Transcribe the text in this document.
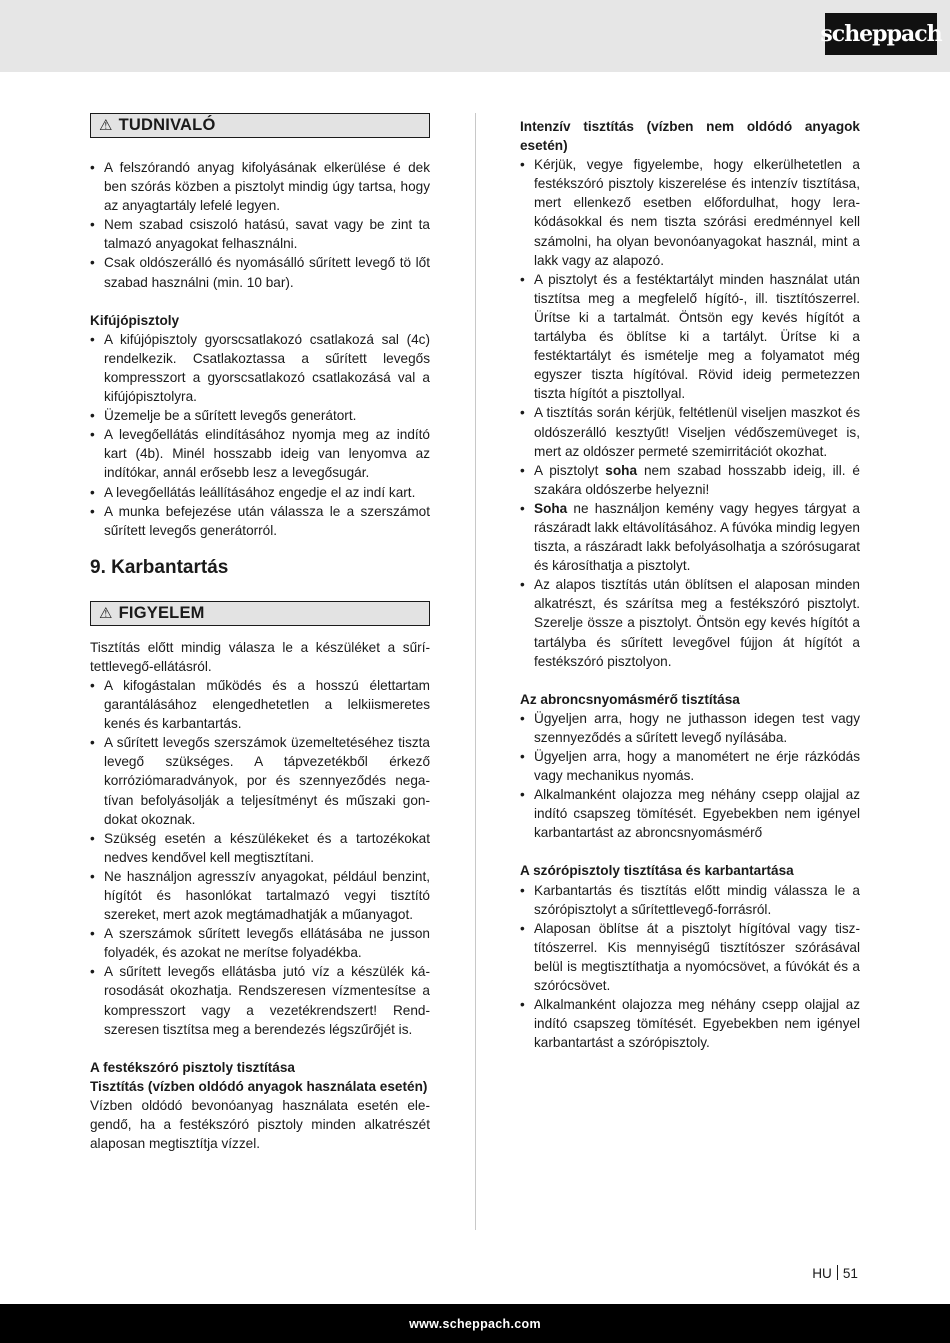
scheppach
⚠ TUDNIVALÓ
• A felszórandó anyag kifolyásának elkerülése é dek ben szórás közben a pisztolyt mindig úgy tartsa, hogy az anyagtartály lefelé legyen.
• Nem szabad csiszoló hatású, savat vagy be zint ta talmazó anyagokat felhasználni.
• Csak oldószerálló és nyomásálló sűrített levegő tö lőt szabad használni (min. 10 bar).

Kifújópisztoly

• A kifújópisztoly gyorscsatlakozó csatlakozá sal (4c) rendelkezik. Csatlakoztassa a sűrített levegős kompresszort a gyorscsatlakozó csatlakozásá val a kifújópisztolyra.
• Üzemelje be a sűrített levegős generátort.
• A levegőellátás elindításához nyomja meg az indító kart (4b). Minél hosszabb ideig van lenyomva az indítókar, annál erősebb lesz a levegősugár.
• A levegőellátás leállításához engedje el az indí kart.
• A munka befejezése után válassza le a szerszámot sűrített levegős generátorról.

9. Karbantartás

⚠ FIGYELEM

Tisztítás előtt mindig válasza le a készüléket a sűrítettlevegő-ellátásról.

• A kifogástalan működés és a hosszú élettartam garantálásához elengedhetetlen a lelkiismeretes kenés és karbantartás.
• A sűrített levegős szerszámok üzemeltetéséhez tiszta levegő szükséges. A tápvezetékből érkező korróziómaradványok, por és szennyeződés negatívan befolyásolják a teljesítményt és műszaki gondokat okoznak.
• Szükség esetén a készülékeket és a tartozékokat nedves kendővel kell megtisztítani.
• Ne használjon agresszív anyagokat, például benzint, hígítót és hasonlókat tartalmazó vegyi tisztító szereket, mert azok megtámadhatják a műanyagot.
• A szerszámok sűrített levegős ellátásába ne jusson folyadék, és azokat ne merítse folyadékba.
• A sűrített levegős ellátásba jutó víz a készülék károsodását okozhatja. Rendszeresen vízmentesítse a kompresszort vagy a vezetékrendszert! Rendszeresen tisztítsa meg a berendezés légszűrőjét is.

A festékszóró pisztoly tisztítása

Tisztítás (vízben oldódó anyagok használata esetén)

Vízben oldódó bevonóanyag használata esetén elegendő, ha a festékszóró pisztoly minden alkatrészét alaposan megtisztítja vízzel.

Intenzív tisztítás (vízben nem oldódó anyagok esetén)

• Kérjük, vegye figyelembe, hogy elkerülhetetlen a festékszóró pisztoly kiszerelése és intenzív tisztítása, mert ellenkező esetben előfordulhat, hogy lerakódásokkal és nem tiszta szórási eredménnyel kell számolni, ha olyan bevonóanyagokat használ, mint a lakk vagy az alapozó.
• A pisztolyt és a festéktartályt minden használat után tisztítsa meg a megfelelő hígító-, ill. tisztítószerrel. Ürítse ki a tartalmát. Öntsön egy kevés hígítót a tartályba és öblítse ki a tartályt. Ürítse ki a festéktartályt és ismételje meg a folyamatot még egyszer tiszta hígítóval. Rövid ideig permetezzen tiszta hígítót a pisztollyal.
• A tisztítás során kérjük, feltétlenül viseljen maszkot és oldószerálló kesztyűt! Viseljen védőszemüveget is, mert az oldószer permeté szemirritációt okozhat.
• A pisztolyt soha nem szabad hosszabb ideig, ill. é szakára oldószerbe helyezni!
• Soha ne használjon kemény vagy hegyes tárgyat a rászáradt lakk eltávolításához. A fúvóka mindig legyen tiszta, a rászáradt lakk befolyásolhatja a szórósugarat és károsíthatja a pisztolyt.
• Az alapos tisztítás után öblítsen el alaposan minden alkatrészt, és szárítsa meg a festékszóró pisztolyt. Szerelje össze a pisztolyt. Öntsön egy kevés hígítót a tartályba és sűrített levegővel fújjon át hígítót a festékszóró pisztolyon.

Az abroncsnyomásmérő tisztítása

• Ügyeljen arra, hogy ne juthasson idegen test vagy szennyeződés a sűrített levegő nyílásába.
• Ügyeljen arra, hogy a manométert ne érje rázkódás vagy mechanikus nyomás.
• Alkalmanként olajozza meg néhány csepp olajjal az indító csapszeg tömítését. Egyebekben nem igényel karbantartást az abroncsnyomásmérő

A szórópisztoly tisztítása és karbantartása

• Karbantartás és tisztítás előtt mindig válassza le a szórópisztolyt a sűrítettlevegő-forrásról.
• Alaposan öblítse át a pisztolyt hígítóval vagy tisztítószerrel. Kis mennyiségű tisztítószer szórásával belül is megtisztíthatja a nyomócsövet, a fúvókát és a szórócsövet.
• Alkalmanként olajozza meg néhány csepp olajjal az indító csapszeg tömítését. Egyebekben nem igényel karbantartást a szórópisztoly.
HU 51
www.scheppach.com
